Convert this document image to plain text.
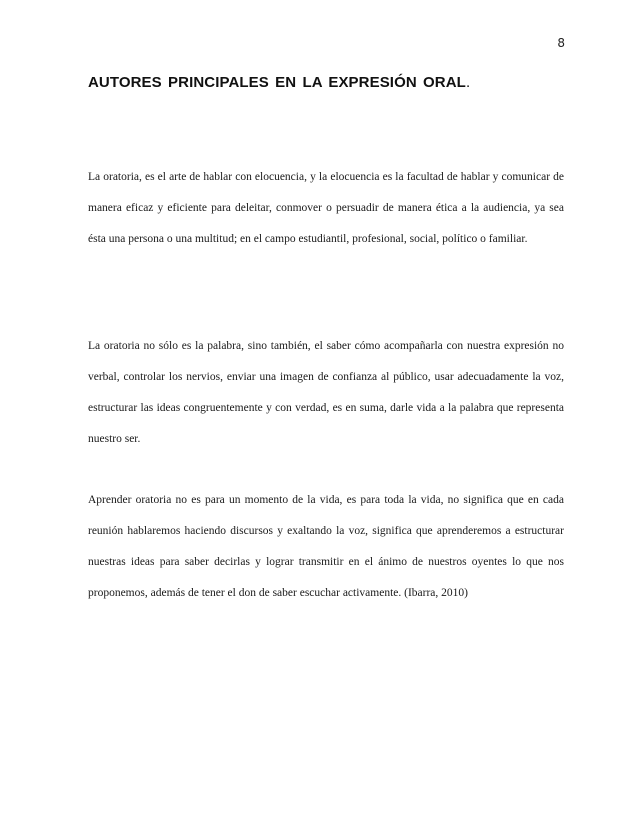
8
AUTORES PRINCIPALES EN LA EXPRESIÓN ORAL.

La oratoria, es el arte de hablar con elocuencia, y la elocuencia es la facultad de hablar y comunicar de manera eficaz y eficiente para deleitar, conmover o persuadir de manera ética a la audiencia, ya sea ésta una persona o una multitud; en el campo estudiantil, profesional, social, político o familiar.

La oratoria no sólo es la palabra, sino también, el saber cómo acompañarla con nuestra expresión no verbal, controlar los nervios, enviar una imagen de confianza al público, usar adecuadamente la voz, estructurar las ideas congruentemente y con verdad, es en suma, darle vida a la palabra que representa nuestro ser.

Aprender oratoria no es para un momento de la vida, es para toda la vida, no significa que en cada reunión hablaremos haciendo discursos y exaltando la voz, significa que aprenderemos a estructurar nuestras ideas para saber decirlas y lograr transmitir en el ánimo de nuestros oyentes lo que nos proponemos, además de tener el don de saber escuchar activamente. (Ibarra, 2010)
